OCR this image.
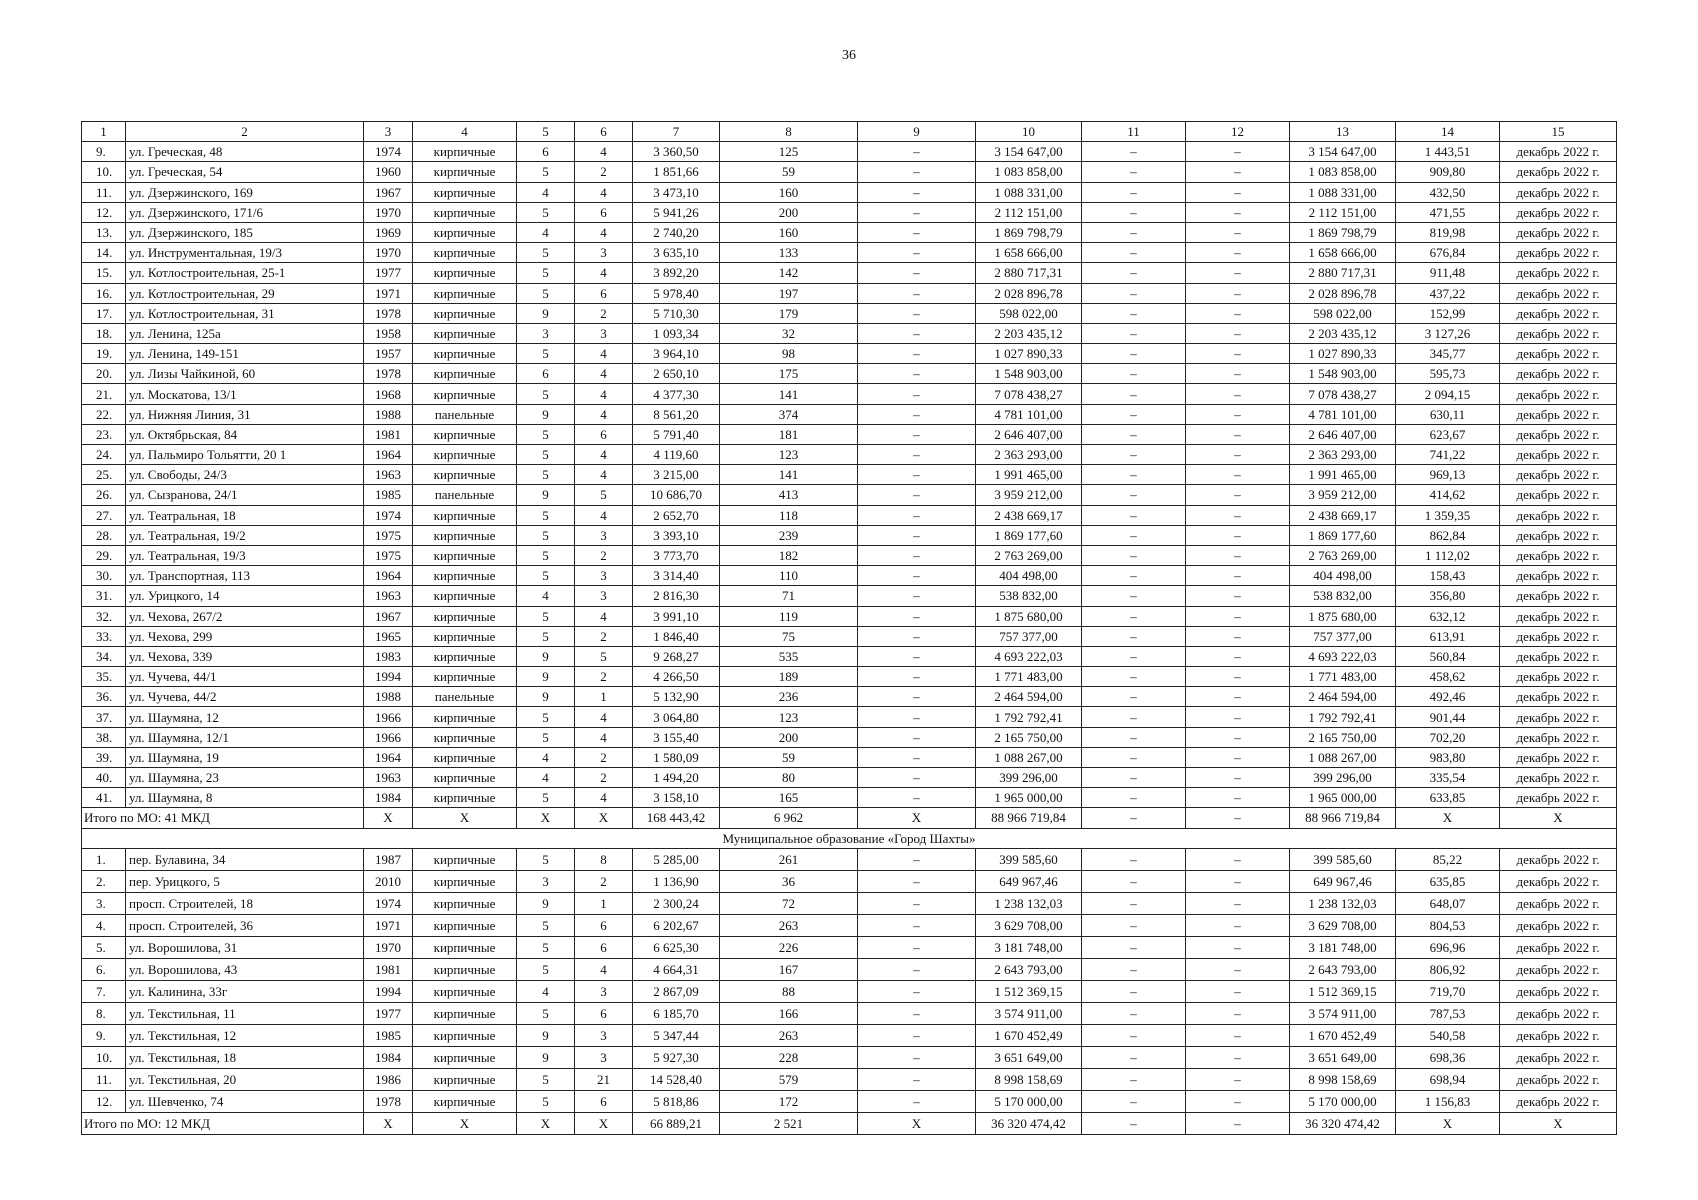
36
1	2	3	4	5	6	7	8	9	10	11	12	13	14	15
9.	ул. Греческая, 48	1974	кирпичные	6	4	3 360,50	125	–	3 154 647,00	–	–	3 154 647,00	1 443,51	декабрь 2022 г.
10.	ул. Греческая, 54	1960	кирпичные	5	2	1 851,66	59	–	1 083 858,00	–	–	1 083 858,00	909,80	декабрь 2022 г.
11.	ул. Дзержинского, 169	1967	кирпичные	4	4	3 473,10	160	–	1 088 331,00	–	–	1 088 331,00	432,50	декабрь 2022 г.
12.	ул. Дзержинского, 171/6	1970	кирпичные	5	6	5 941,26	200	–	2 112 151,00	–	–	2 112 151,00	471,55	декабрь 2022 г.
13.	ул. Дзержинского, 185	1969	кирпичные	4	4	2 740,20	160	–	1 869 798,79	–	–	1 869 798,79	819,98	декабрь 2022 г.
14.	ул. Инструментальная, 19/3	1970	кирпичные	5	3	3 635,10	133	–	1 658 666,00	–	–	1 658 666,00	676,84	декабрь 2022 г.
15.	ул. Котлостроительная, 25-1	1977	кирпичные	5	4	3 892,20	142	–	2 880 717,31	–	–	2 880 717,31	911,48	декабрь 2022 г.
16.	ул. Котлостроительная, 29	1971	кирпичные	5	6	5 978,40	197	–	2 028 896,78	–	–	2 028 896,78	437,22	декабрь 2022 г.
17.	ул. Котлостроительная, 31	1978	кирпичные	9	2	5 710,30	179	–	598 022,00	–	–	598 022,00	152,99	декабрь 2022 г.
18.	ул. Ленина, 125а	1958	кирпичные	3	3	1 093,34	32	–	2 203 435,12	–	–	2 203 435,12	3 127,26	декабрь 2022 г.
19.	ул. Ленина, 149-151	1957	кирпичные	5	4	3 964,10	98	–	1 027 890,33	–	–	1 027 890,33	345,77	декабрь 2022 г.
20.	ул. Лизы Чайкиной, 60	1978	кирпичные	6	4	2 650,10	175	–	1 548 903,00	–	–	1 548 903,00	595,73	декабрь 2022 г.
21.	ул. Москатова, 13/1	1968	кирпичные	5	4	4 377,30	141	–	7 078 438,27	–	–	7 078 438,27	2 094,15	декабрь 2022 г.
22.	ул. Нижняя Линия, 31	1988	панельные	9	4	8 561,20	374	–	4 781 101,00	–	–	4 781 101,00	630,11	декабрь 2022 г.
23.	ул. Октябрьская, 84	1981	кирпичные	5	6	5 791,40	181	–	2 646 407,00	–	–	2 646 407,00	623,67	декабрь 2022 г.
24.	ул. Пальмиро Тольятти, 20 1	1964	кирпичные	5	4	4 119,60	123	–	2 363 293,00	–	–	2 363 293,00	741,22	декабрь 2022 г.
25.	ул. Свободы, 24/3	1963	кирпичные	5	4	3 215,00	141	–	1 991 465,00	–	–	1 991 465,00	969,13	декабрь 2022 г.
26.	ул. Сызранова, 24/1	1985	панельные	9	5	10 686,70	413	–	3 959 212,00	–	–	3 959 212,00	414,62	декабрь 2022 г.
27.	ул. Театральная, 18	1974	кирпичные	5	4	2 652,70	118	–	2 438 669,17	–	–	2 438 669,17	1 359,35	декабрь 2022 г.
28.	ул. Театральная, 19/2	1975	кирпичные	5	3	3 393,10	239	–	1 869 177,60	–	–	1 869 177,60	862,84	декабрь 2022 г.
29.	ул. Театральная, 19/3	1975	кирпичные	5	2	3 773,70	182	–	2 763 269,00	–	–	2 763 269,00	1 112,02	декабрь 2022 г.
30.	ул. Транспортная, 113	1964	кирпичные	5	3	3 314,40	110	–	404 498,00	–	–	404 498,00	158,43	декабрь 2022 г.
31.	ул. Урицкого, 14	1963	кирпичные	4	3	2 816,30	71	–	538 832,00	–	–	538 832,00	356,80	декабрь 2022 г.
32.	ул. Чехова, 267/2	1967	кирпичные	5	4	3 991,10	119	–	1 875 680,00	–	–	1 875 680,00	632,12	декабрь 2022 г.
33.	ул. Чехова, 299	1965	кирпичные	5	2	1 846,40	75	–	757 377,00	–	–	757 377,00	613,91	декабрь 2022 г.
34.	ул. Чехова, 339	1983	кирпичные	9	5	9 268,27	535	–	4 693 222,03	–	–	4 693 222,03	560,84	декабрь 2022 г.
35.	ул. Чучева, 44/1	1994	кирпичные	9	2	4 266,50	189	–	1 771 483,00	–	–	1 771 483,00	458,62	декабрь 2022 г.
36.	ул. Чучева, 44/2	1988	панельные	9	1	5 132,90	236	–	2 464 594,00	–	–	2 464 594,00	492,46	декабрь 2022 г.
37.	ул. Шаумяна, 12	1966	кирпичные	5	4	3 064,80	123	–	1 792 792,41	–	–	1 792 792,41	901,44	декабрь 2022 г.
38.	ул. Шаумяна, 12/1	1966	кирпичные	5	4	3 155,40	200	–	2 165 750,00	–	–	2 165 750,00	702,20	декабрь 2022 г.
39.	ул. Шаумяна, 19	1964	кирпичные	4	2	1 580,09	59	–	1 088 267,00	–	–	1 088 267,00	983,80	декабрь 2022 г.
40.	ул. Шаумяна, 23	1963	кирпичные	4	2	1 494,20	80	–	399 296,00	–	–	399 296,00	335,54	декабрь 2022 г.
41.	ул. Шаумяна, 8	1984	кирпичные	5	4	3 158,10	165	–	1 965 000,00	–	–	1 965 000,00	633,85	декабрь 2022 г.
Итого по МО: 41 МКД		X	X	X	X	168 443,42	6 962	X	88 966 719,84	–	–	88 966 719,84	X	X
Муниципальное образование «Город Шахты»														
1.	пер. Булавина, 34	1987	кирпичные	5	8	5 285,00	261	–	399 585,60	–	–	399 585,60	85,22	декабрь 2022 г.
2.	пер. Урицкого, 5	2010	кирпичные	3	2	1 136,90	36	–	649 967,46	–	–	649 967,46	635,85	декабрь 2022 г.
3.	просп. Строителей, 18	1974	кирпичные	9	1	2 300,24	72	–	1 238 132,03	–	–	1 238 132,03	648,07	декабрь 2022 г.
4.	просп. Строителей, 36	1971	кирпичные	5	6	6 202,67	263	–	3 629 708,00	–	–	3 629 708,00	804,53	декабрь 2022 г.
5.	ул. Ворошилова, 31	1970	кирпичные	5	6	6 625,30	226	–	3 181 748,00	–	–	3 181 748,00	696,96	декабрь 2022 г.
6.	ул. Ворошилова, 43	1981	кирпичные	5	4	4 664,31	167	–	2 643 793,00	–	–	2 643 793,00	806,92	декабрь 2022 г.
7.	ул. Калинина, 33г	1994	кирпичные	4	3	2 867,09	88	–	1 512 369,15	–	–	1 512 369,15	719,70	декабрь 2022 г.
8.	ул. Текстильная, 11	1977	кирпичные	5	6	6 185,70	166	–	3 574 911,00	–	–	3 574 911,00	787,53	декабрь 2022 г.
9.	ул. Текстильная, 12	1985	кирпичные	9	3	5 347,44	263	–	1 670 452,49	–	–	1 670 452,49	540,58	декабрь 2022 г.
10.	ул. Текстильная, 18	1984	кирпичные	9	3	5 927,30	228	–	3 651 649,00	–	–	3 651 649,00	698,36	декабрь 2022 г.
11.	ул. Текстильная, 20	1986	кирпичные	5	21	14 528,40	579	–	8 998 158,69	–	–	8 998 158,69	698,94	декабрь 2022 г.
12.	ул. Шевченко, 74	1978	кирпичные	5	6	5 818,86	172	–	5 170 000,00	–	–	5 170 000,00	1 156,83	декабрь 2022 г.
Итого по МО: 12 МКД		X	X	X	X	66 889,21	2 521	X	36 320 474,42	–	–	36 320 474,42	X	X
